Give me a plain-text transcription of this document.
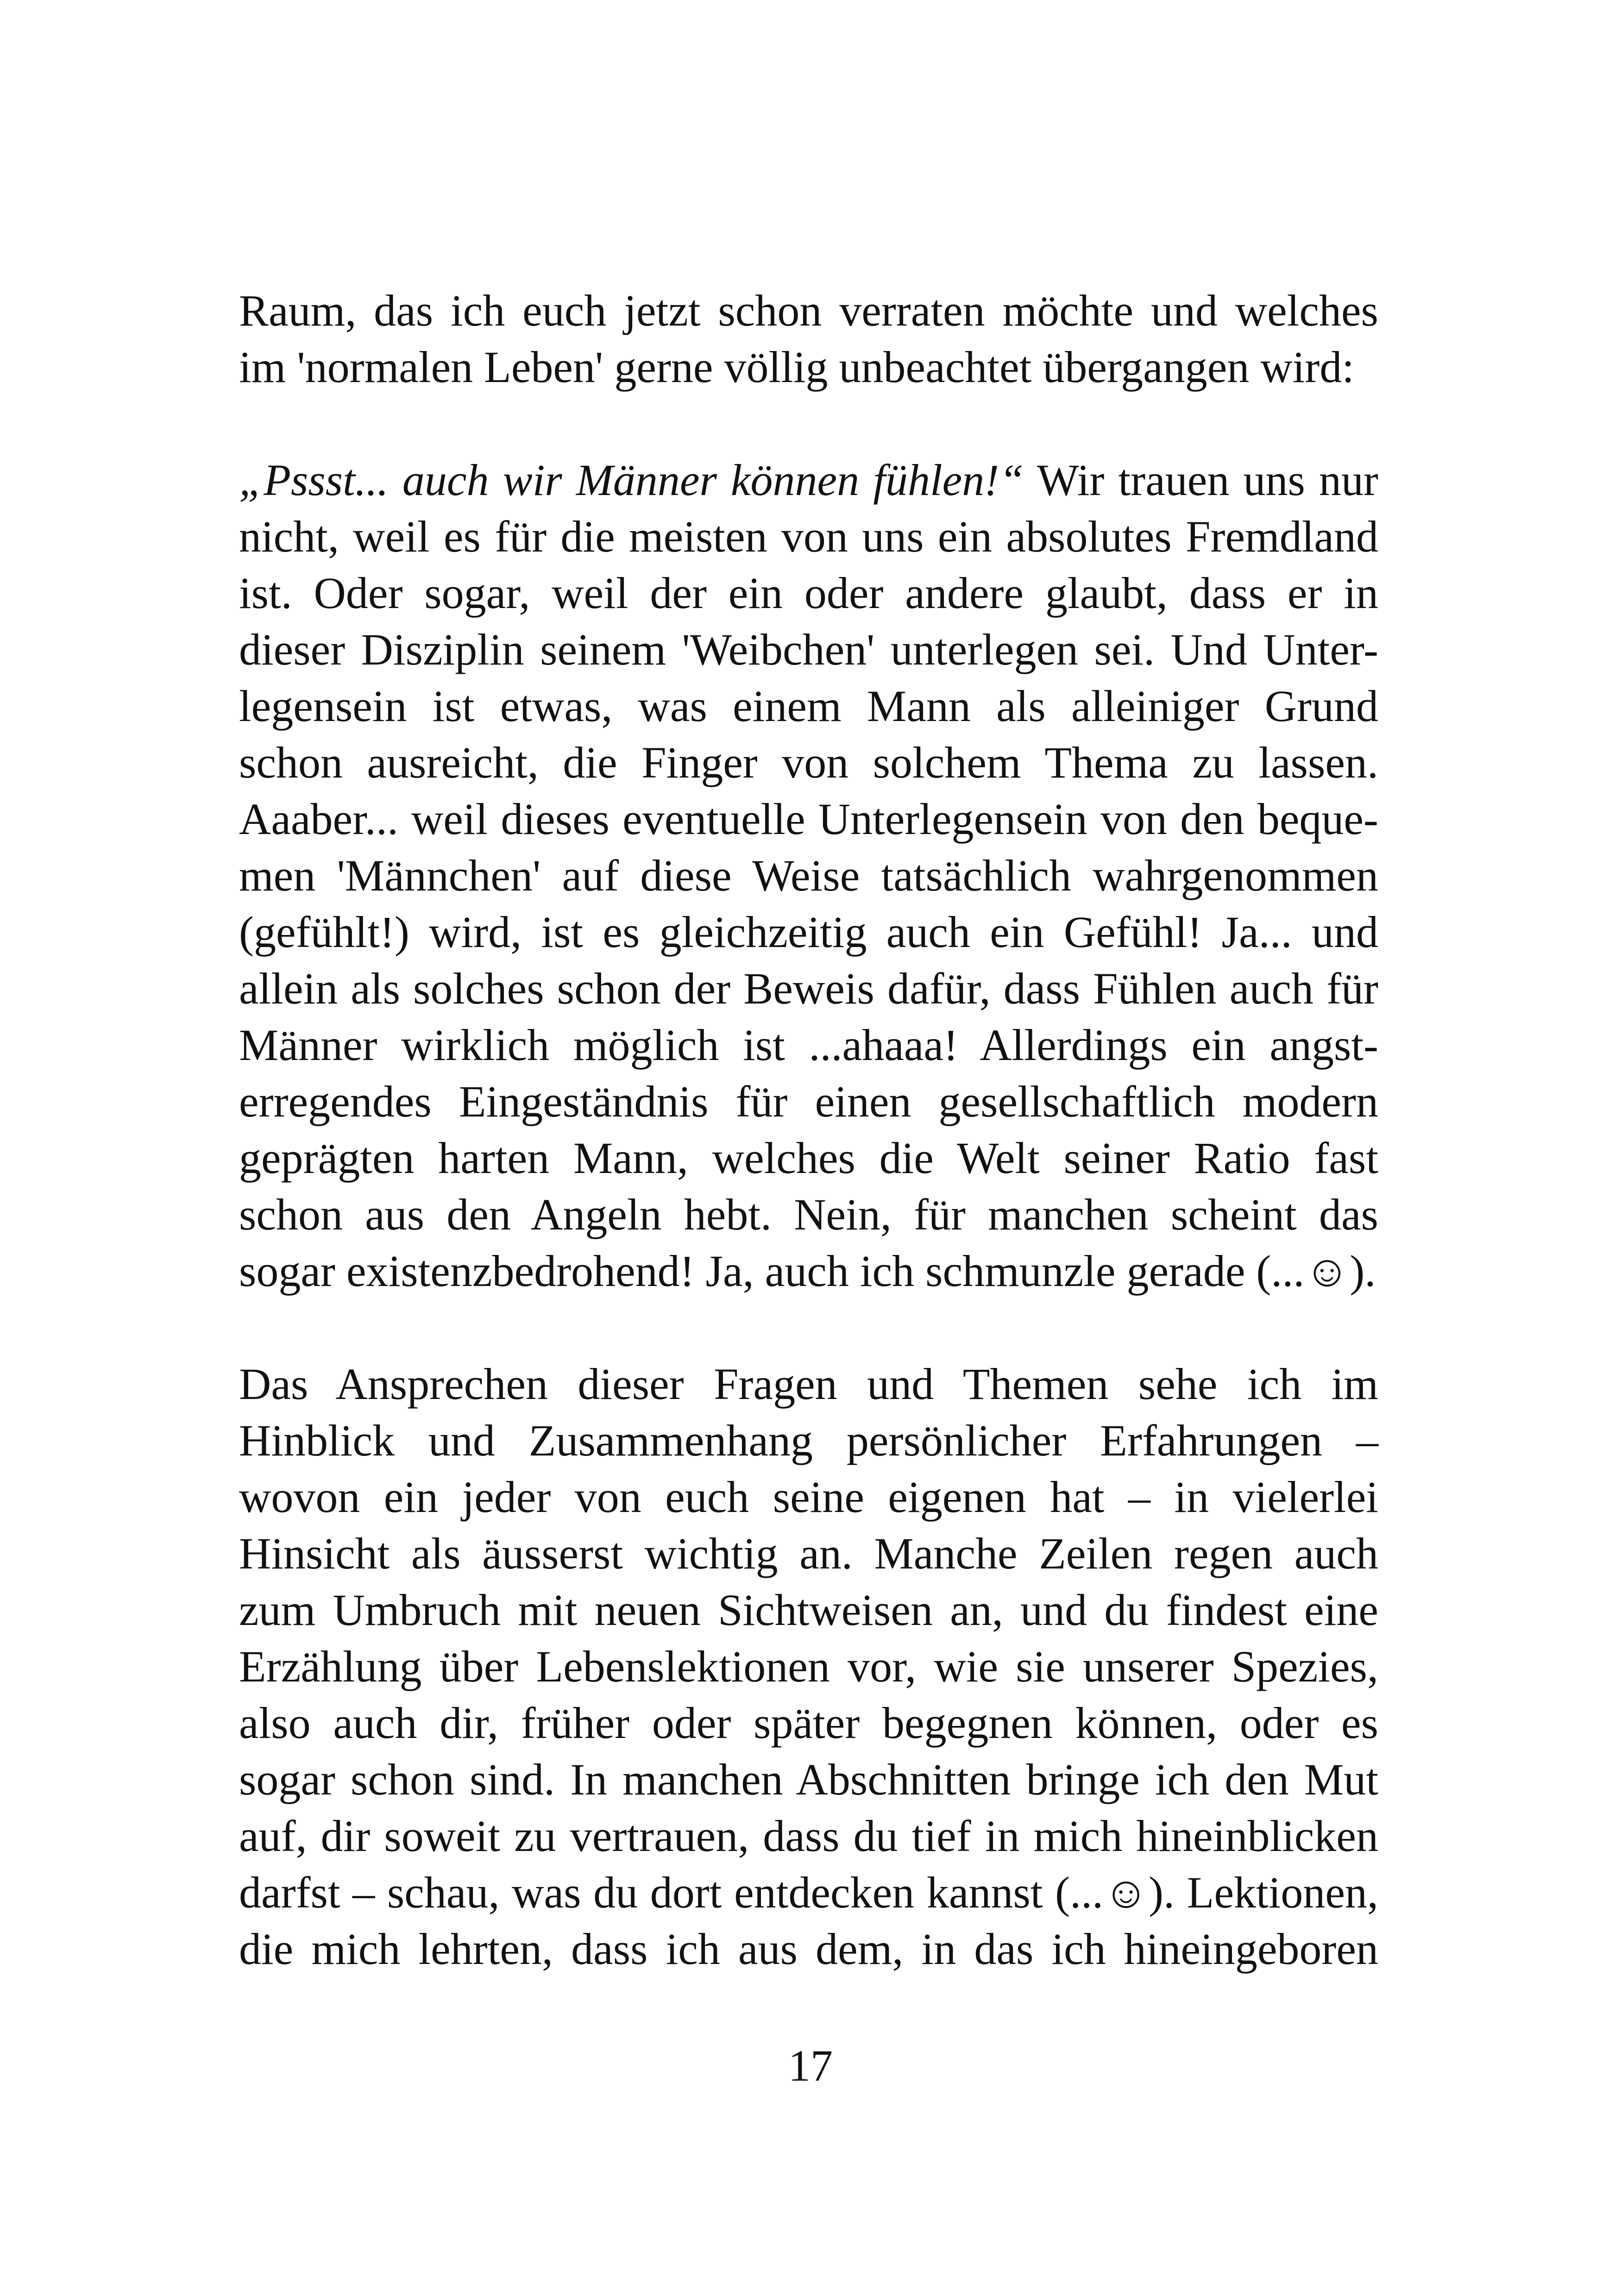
Raum, das ich euch jetzt schon verraten möchte und welches
im 'normalen Leben' gerne völlig unbeachtet übergangen wird:
„Pssst... auch wir Männer können fühlen!“ Wir trauen uns nur
nicht, weil es für die meisten von uns ein absolutes Fremdland
ist. Oder sogar, weil der ein oder andere glaubt, dass er in
dieser Disziplin seinem 'Weibchen' unterlegen sei. Und Unter-
legensein ist etwas, was einem Mann als alleiniger Grund
schon ausreicht, die Finger von solchem Thema zu lassen.
Aaaber... weil dieses eventuelle Unterlegensein von den beque-
men 'Männchen' auf diese Weise tatsächlich wahrgenommen
(gefühlt!) wird, ist es gleichzeitig auch ein Gefühl! Ja... und
allein als solches schon der Beweis dafür, dass Fühlen auch für
Männer wirklich möglich ist ...ahaaa! Allerdings ein angst-
erregendes Eingeständnis für einen gesellschaftlich modern
geprägten harten Mann, welches die Welt seiner Ratio fast
schon aus den Angeln hebt. Nein, für manchen scheint das
sogar existenzbedrohend! Ja, auch ich schmunzle gerade (...☺).
Das Ansprechen dieser Fragen und Themen sehe ich im
Hinblick und Zusammenhang persönlicher Erfahrungen –
wovon ein jeder von euch seine eigenen hat – in vielerlei
Hinsicht als äusserst wichtig an. Manche Zeilen regen auch
zum Umbruch mit neuen Sichtweisen an, und du findest eine
Erzählung über Lebenslektionen vor, wie sie unserer Spezies,
also auch dir, früher oder später begegnen können, oder es
sogar schon sind. In manchen Abschnitten bringe ich den Mut
auf, dir soweit zu vertrauen, dass du tief in mich hineinblicken
darfst – schau, was du dort entdecken kannst (...☺). Lektionen,
die mich lehrten, dass ich aus dem, in das ich hineingeboren
17
